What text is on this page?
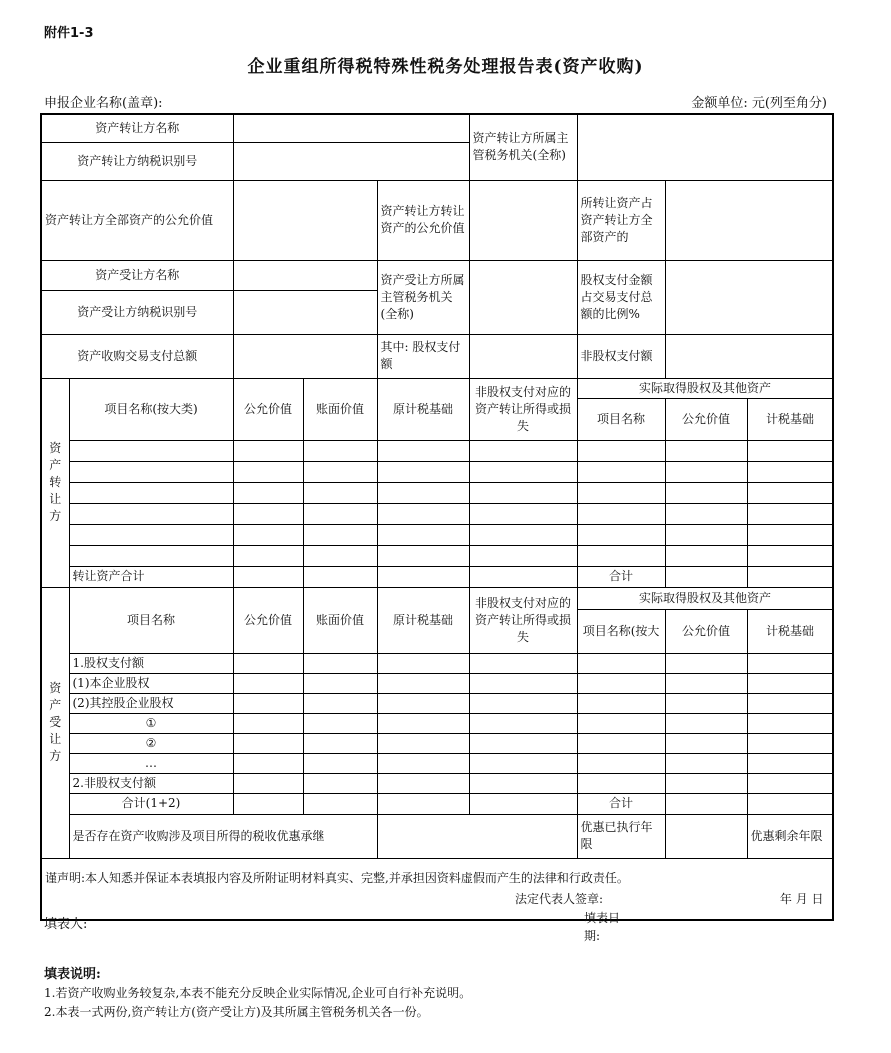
附件1-3
企业重组所得税特殊性税务处理报告表(资产收购)
申报企业名称(盖章):	金额单位: 元(列至角分)
资产转让方名称					资产转让方所属主管税务机关(全称)				
资产转让方纳税识别号									
资产转让方全部资产的公允价值				资产转让方转让资产的公允价值		所转让资产占资产转让方全部资产的			
资产受让方名称				资产受让方所属主管税务机关(全称)		股权支付金额占交易支付总额的比例%			
资产受让方纳税识别号									
资产收购交易支付总额				其中: 股权支付额		非股权支付额			

资
产
转
让
方	项目名称(按大类)	公允价值	账面价值	原计税基础	非股权支付对应的资产转让所得或损失	实际取得股权及其他资产			
						项目名称	公允价值	计税基础	

	转让资产合计					合计			

资
产
受
让
方	项目名称	公允价值	账面价值	原计税基础	非股权支付对应的资产转让所得或损失	实际取得股权及其他资产			
						项目名称(按大	公允价值	计税基础	
	1.股权支付额								
	(1)本企业股权								
	(2)其控股企业股权								
	①								
	②								
	…								
	2.非股权支付额								
	合计(1+2)					合计			
	是否存在资产收购涉及项目所得的税收优惠承继					优惠已执行年限		优惠剩余年限	

谨声明:本人知悉并保证本表填报内容及所附证明材料真实、完整,并承担因资料虚假而产生的法律和行政责任。
法定代表人签章: 年 月 日									
填表人:	填表日期:
填表说明:
1.若资产收购业务较复杂,本表不能充分反映企业实际情况,企业可自行补充说明。
2.本表一式两份,资产转让方(资产受让方)及其所属主管税务机关各一份。
